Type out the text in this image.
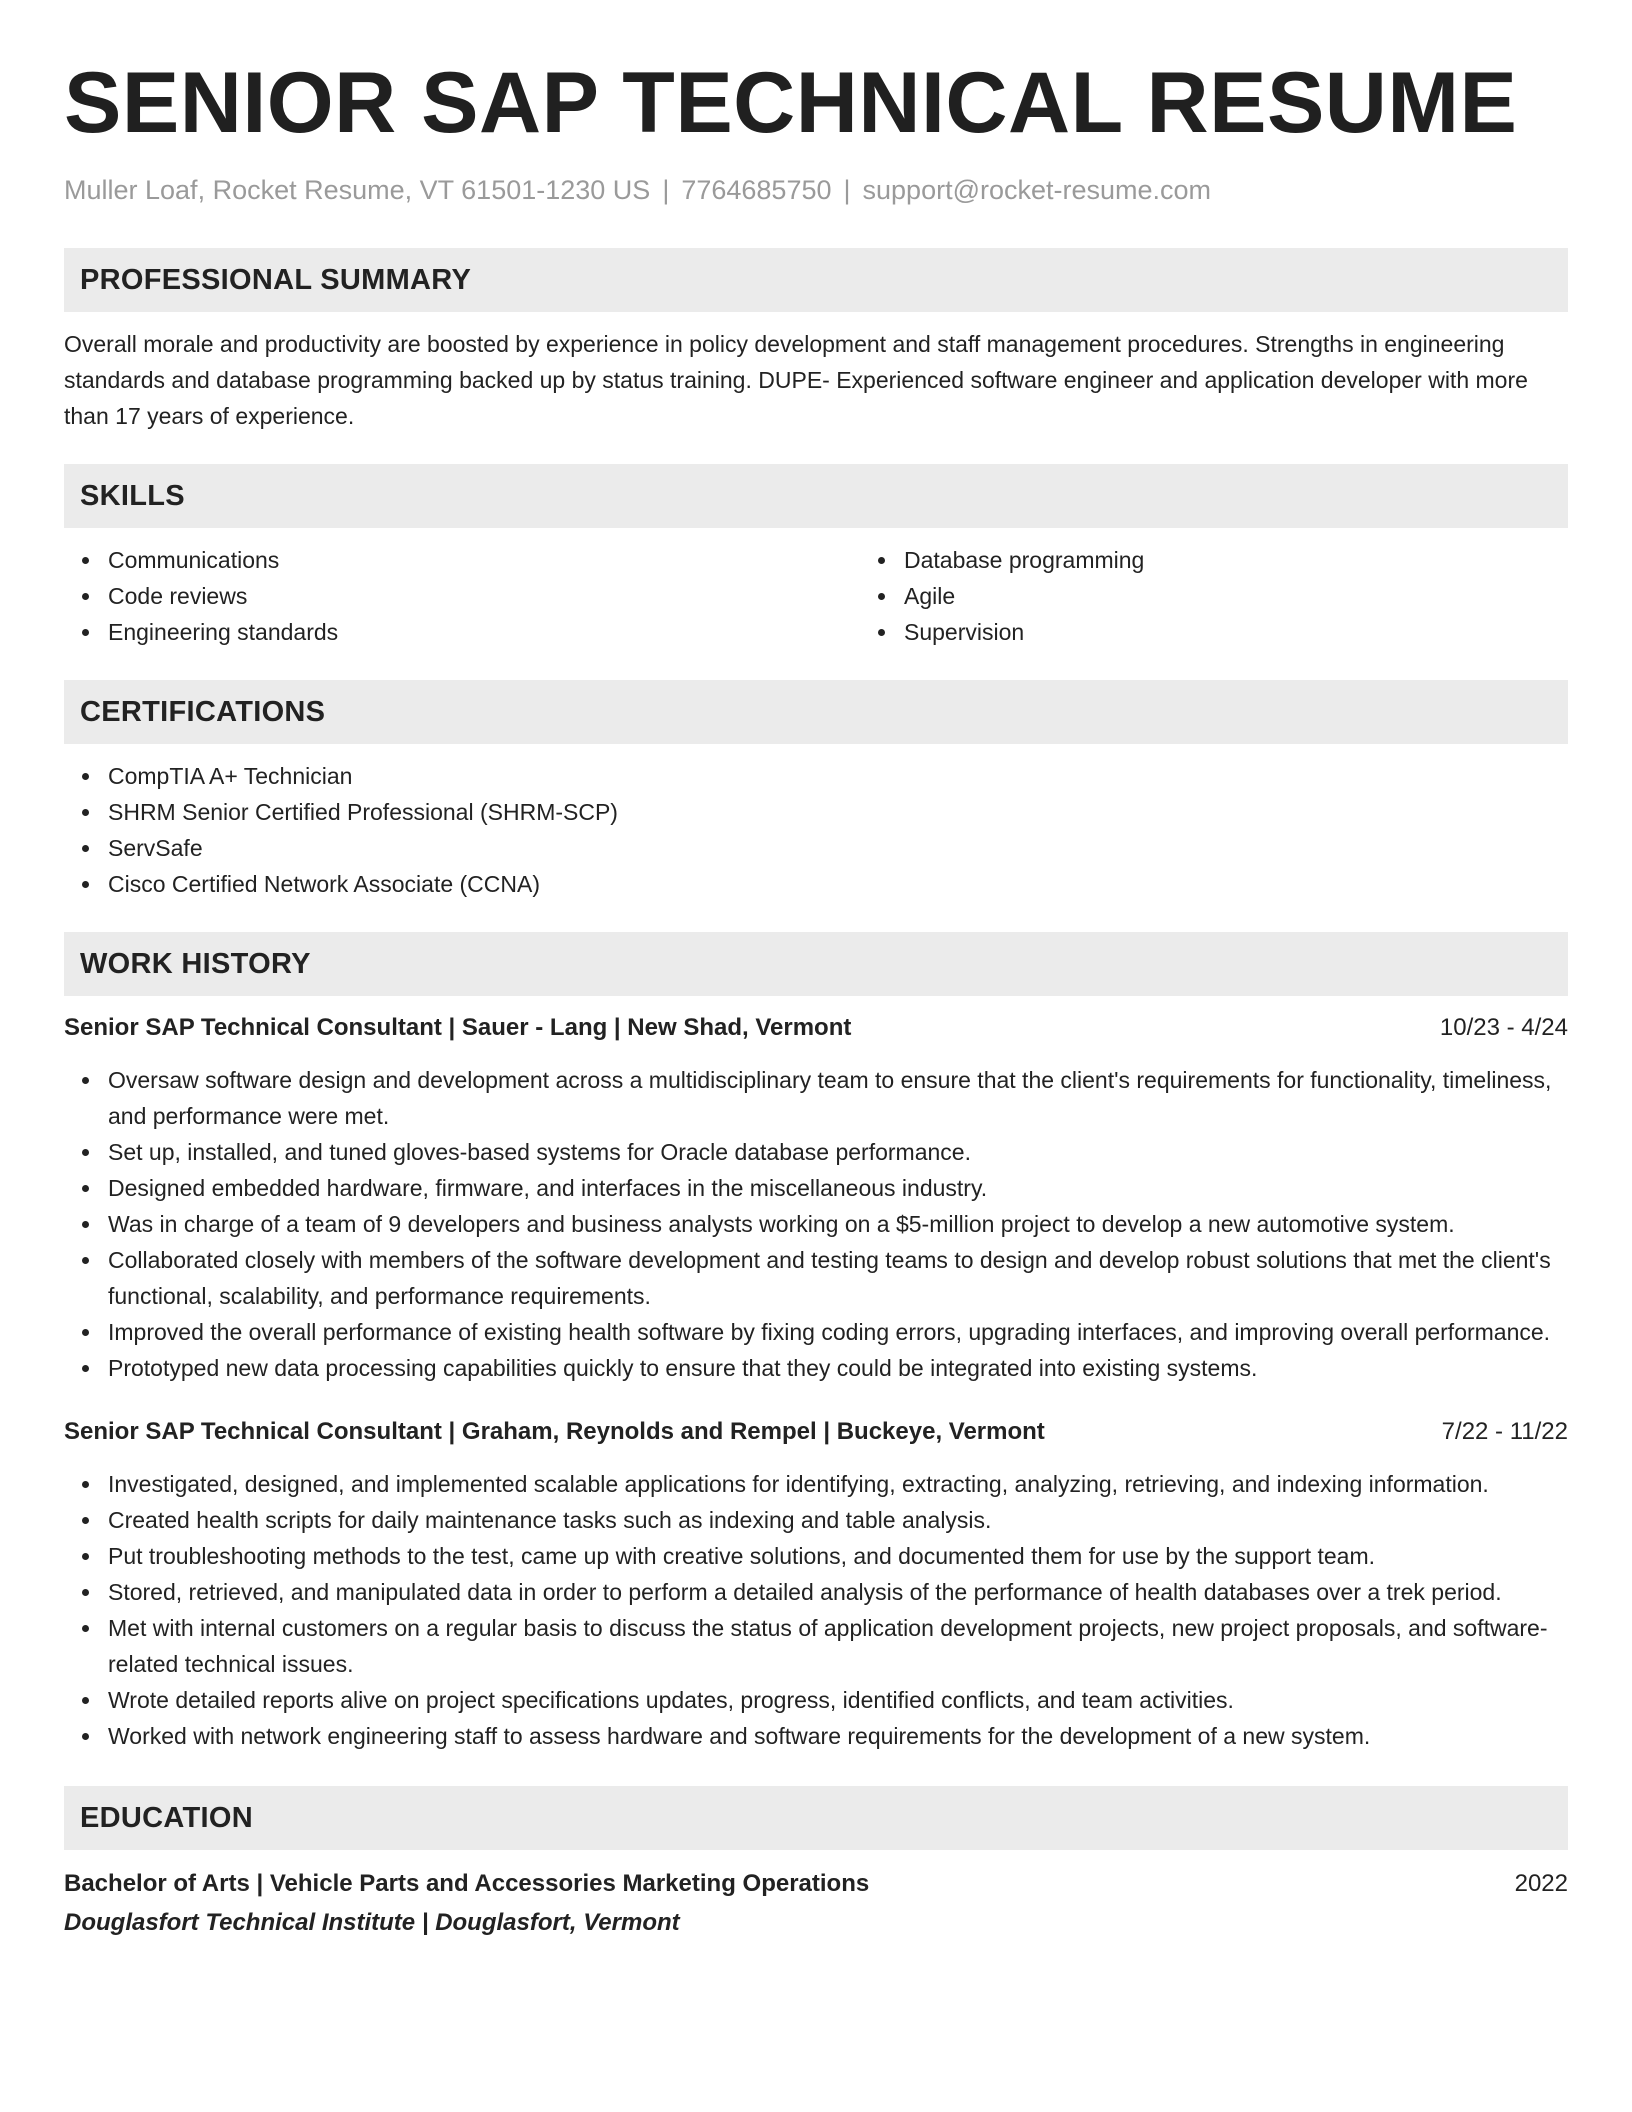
SENIOR SAP TECHNICAL RESUME
Muller Loaf, Rocket Resume, VT 61501-1230 US | 7764685750 | support@rocket-resume.com
PROFESSIONAL SUMMARY
Overall morale and productivity are boosted by experience in policy development and staff management procedures. Strengths in engineering standards and database programming backed up by status training. DUPE- Experienced software engineer and application developer with more than 17 years of experience.
SKILLS
Communications
Code reviews
Engineering standards
Database programming
Agile
Supervision
CERTIFICATIONS
CompTIA A+ Technician
SHRM Senior Certified Professional (SHRM-SCP)
ServSafe
Cisco Certified Network Associate (CCNA)
WORK HISTORY
Senior SAP Technical Consultant | Sauer - Lang | New Shad, Vermont	10/23 - 4/24
Oversaw software design and development across a multidisciplinary team to ensure that the client's requirements for functionality, timeliness, and performance were met.
Set up, installed, and tuned gloves-based systems for Oracle database performance.
Designed embedded hardware, firmware, and interfaces in the miscellaneous industry.
Was in charge of a team of 9 developers and business analysts working on a $5-million project to develop a new automotive system.
Collaborated closely with members of the software development and testing teams to design and develop robust solutions that met the client's functional, scalability, and performance requirements.
Improved the overall performance of existing health software by fixing coding errors, upgrading interfaces, and improving overall performance.
Prototyped new data processing capabilities quickly to ensure that they could be integrated into existing systems.
Senior SAP Technical Consultant | Graham, Reynolds and Rempel | Buckeye, Vermont	7/22 - 11/22
Investigated, designed, and implemented scalable applications for identifying, extracting, analyzing, retrieving, and indexing information.
Created health scripts for daily maintenance tasks such as indexing and table analysis.
Put troubleshooting methods to the test, came up with creative solutions, and documented them for use by the support team.
Stored, retrieved, and manipulated data in order to perform a detailed analysis of the performance of health databases over a trek period.
Met with internal customers on a regular basis to discuss the status of application development projects, new project proposals, and software-related technical issues.
Wrote detailed reports alive on project specifications updates, progress, identified conflicts, and team activities.
Worked with network engineering staff to assess hardware and software requirements for the development of a new system.
EDUCATION
Bachelor of Arts | Vehicle Parts and Accessories Marketing Operations	2022
Douglasfort Technical Institute | Douglasfort, Vermont
